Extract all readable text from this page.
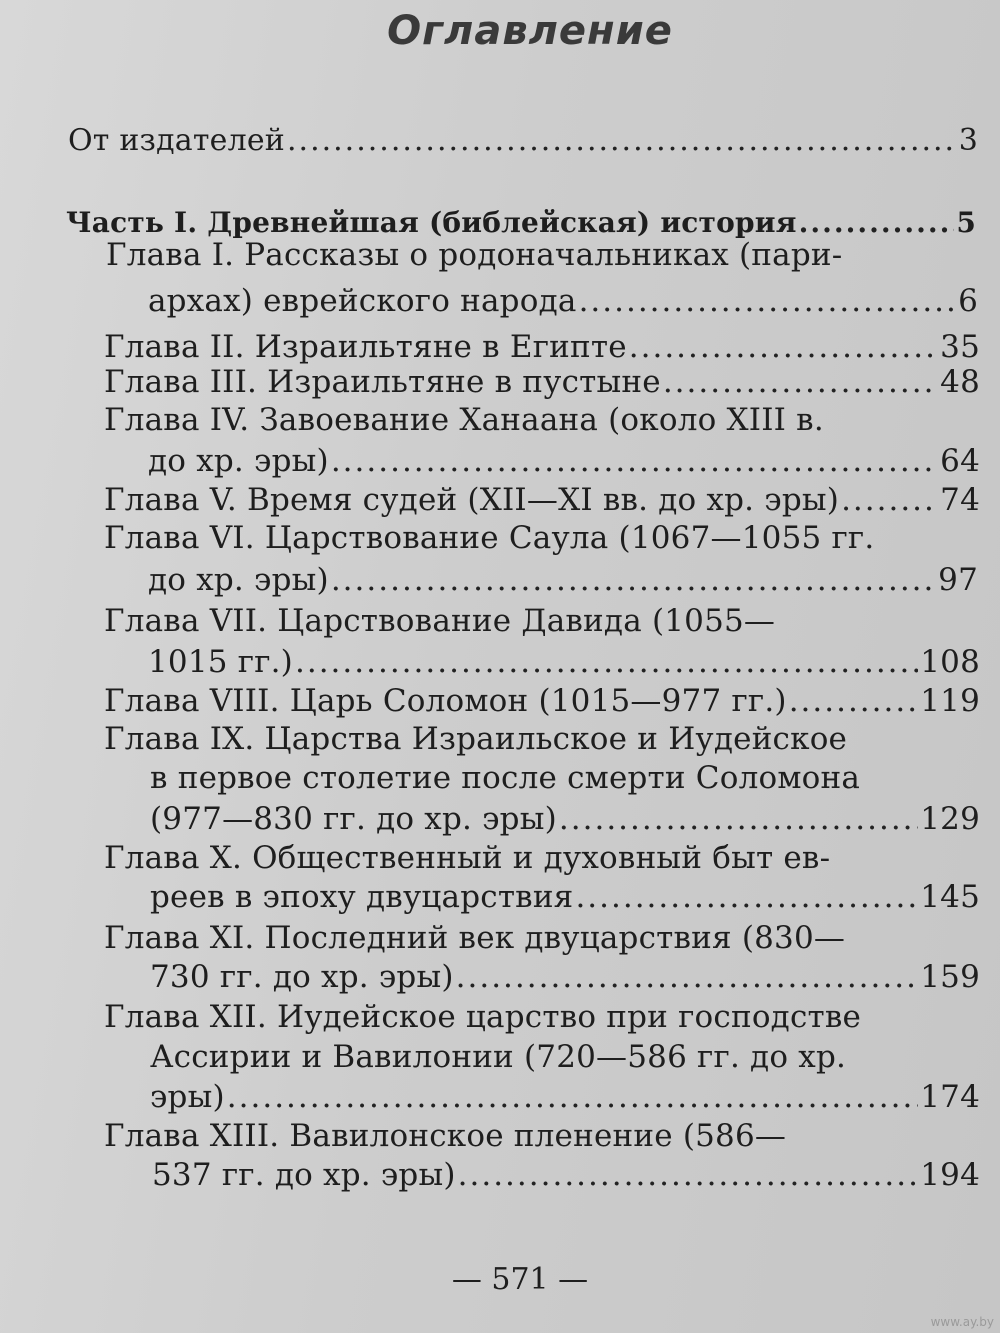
Оглавление
От издателей .....	3
Часть I. Древнейшая (библейская) история .....	5
Глава I. Рассказы о родоначальниках (пари-
архах) еврейского народа .....	6
Глава II. Израильтяне в Египте .....	35
Глава III. Израильтяне в пустыне .....	48
Глава IV. Завоевание Ханаана (около XIII в.
до хр. эры) .....	64
Глава V. Время судей (XII—XI вв. до хр. эры) .....	74
Глава VI. Царствование Саула (1067—1055 гг.
до хр. эры) .....	97
Глава VII. Царствование Давида (1055—
1015 гг.) .....	108
Глава VIII. Царь Соломон (1015—977 гг.) .....	119
Глава IX. Царства Израильское и Иудейское
в первое столетие после смерти Соломона
(977—830 гг. до хр. эры) .....	129
Глава X. Общественный и духовный быт ев-
реев в эпоху двуцарствия .....	145
Глава XI. Последний век двуцарствия (830—
730 гг. до хр. эры) .....	159
Глава XII. Иудейское царство при господстве
Ассирии и Вавилонии (720—586 гг. до хр.
эры) .....	174
Глава XIII. Вавилонское пленение (586—
537 гг. до хр. эры) .....	194
— 571 —
www.ay.by
